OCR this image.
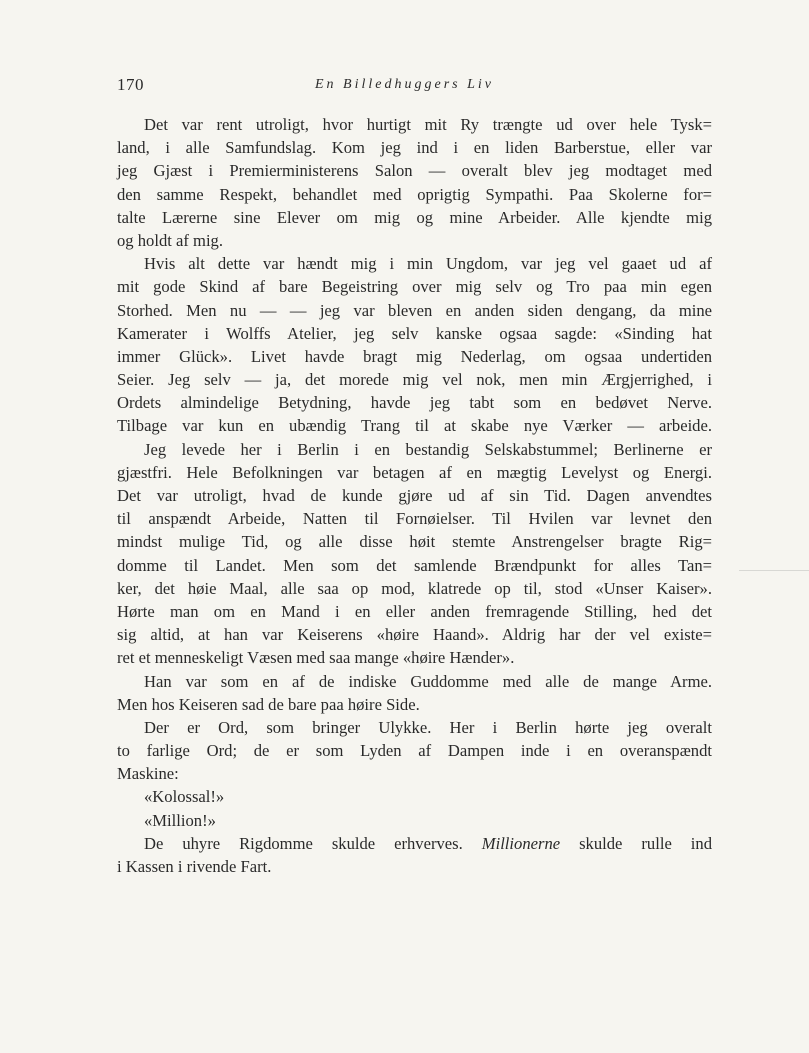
170	En Billedhuggers Liv
Det var rent utroligt, hvor hurtigt mit Ry trængte ud over hele Tysk=
land, i alle Samfundslag. Kom jeg ind i en liden Barberstue, eller var
jeg Gjæst i Premierministerens Salon — overalt blev jeg modtaget med
den samme Respekt, behandlet med oprigtig Sympathi. Paa Skolerne for=
talte Lærerne sine Elever om mig og mine Arbeider. Alle kjendte mig
og holdt af mig.
Hvis alt dette var hændt mig i min Ungdom, var jeg vel gaaet ud af
mit gode Skind af bare Begeistring over mig selv og Tro paa min egen
Storhed. Men nu — — jeg var bleven en anden siden dengang, da mine
Kamerater i Wolffs Atelier, jeg selv kanske ogsaa sagde: «Sinding hat
immer Glück». Livet havde bragt mig Nederlag, om ogsaa undertiden
Seier. Jeg selv — ja, det morede mig vel nok, men min Ærgjerrighed, i
Ordets almindelige Betydning, havde jeg tabt som en bedøvet Nerve.
Tilbage var kun en ubændig Trang til at skabe nye Værker — arbeide.
Jeg levede her i Berlin i en bestandig Selskabstummel; Berlinerne er
gjæstfri. Hele Befolkningen var betagen af en mægtig Levelyst og Energi.
Det var utroligt, hvad de kunde gjøre ud af sin Tid. Dagen anvendtes
til anspændt Arbeide, Natten til Fornøielser. Til Hvilen var levnet den
mindst mulige Tid, og alle disse høit stemte Anstrengelser bragte Rig=
domme til Landet. Men som det samlende Brændpunkt for alles Tan=
ker, det høie Maal, alle saa op mod, klatrede op til, stod «Unser Kaiser».
Hørte man om en Mand i en eller anden fremragende Stilling, hed det
sig altid, at han var Keiserens «høire Haand». Aldrig har der vel existe=
ret et menneskeligt Væsen med saa mange «høire Hænder».
Han var som en af de indiske Guddomme med alle de mange Arme.
Men hos Keiseren sad de bare paa høire Side.
Der er Ord, som bringer Ulykke. Her i Berlin hørte jeg overalt
to farlige Ord; de er som Lyden af Dampen inde i en overanspændt
Maskine:
«Kolossal!»
«Million!»
De uhyre Rigdomme skulde erhverves. Millionerne skulde rulle ind
i Kassen i rivende Fart.
